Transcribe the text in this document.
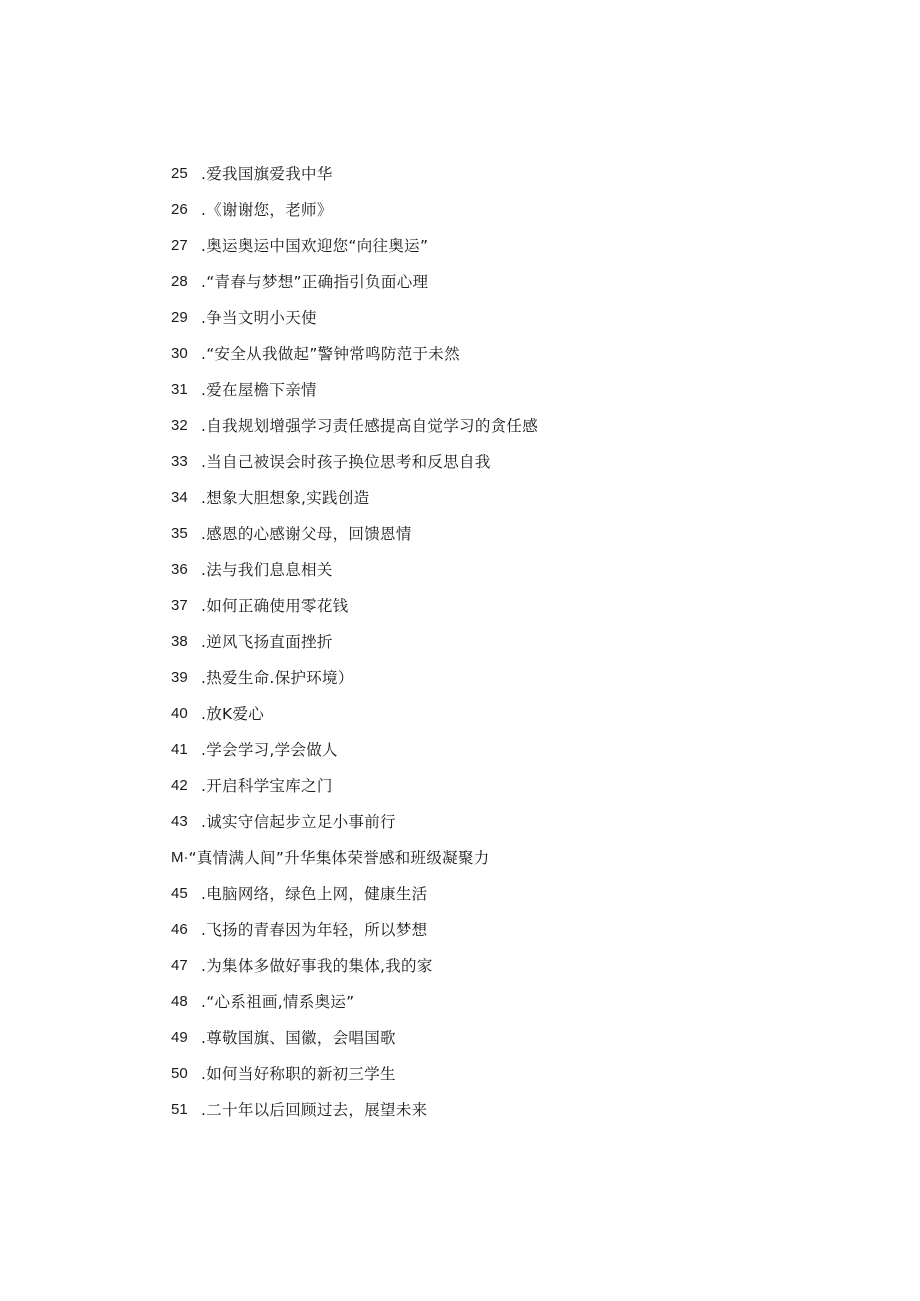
25 .爱我国旗爱我中华
26 .《谢谢您，老师》
27 .奥运奥运中国欢迎您“向往奥运”
28 .“青春与梦想”正确指引负面心理
29 .争当文明小天使
30 .“安全从我做起”警钟常鸣防范于未然
31 .爱在屋檐下亲情
32 .自我规划增强学习责任感提高自觉学习的贪任感
33 .当自己被误会时孩子换位思考和反思自我
34 .想象大胆想象,实践创造
35 .感恩的心感谢父母，回馈恩情
36 .法与我们息息相关
37 .如何正确使用零花钱
38 .逆风飞扬直面挫折
39 .热爱生命.保护环境）
40 .放K爱心
41 .学会学习,学会做人
42 .开启科学宝库之门
43 .诚实守信起步立足小事前行
M· “真情满人间”升华集体荣誉感和班级凝聚力
45 .电脑网络，绿色上网，健康生活
46 .飞扬的青春因为年轻，所以梦想
47 .为集体多做好事我的集体,我的家
48 .“心系祖画,情系奥运”
49 .尊敬国旗、国徽，会唱国歌
50 .如何当好称职的新初三学生
51 .二十年以后回顾过去，展望未来
